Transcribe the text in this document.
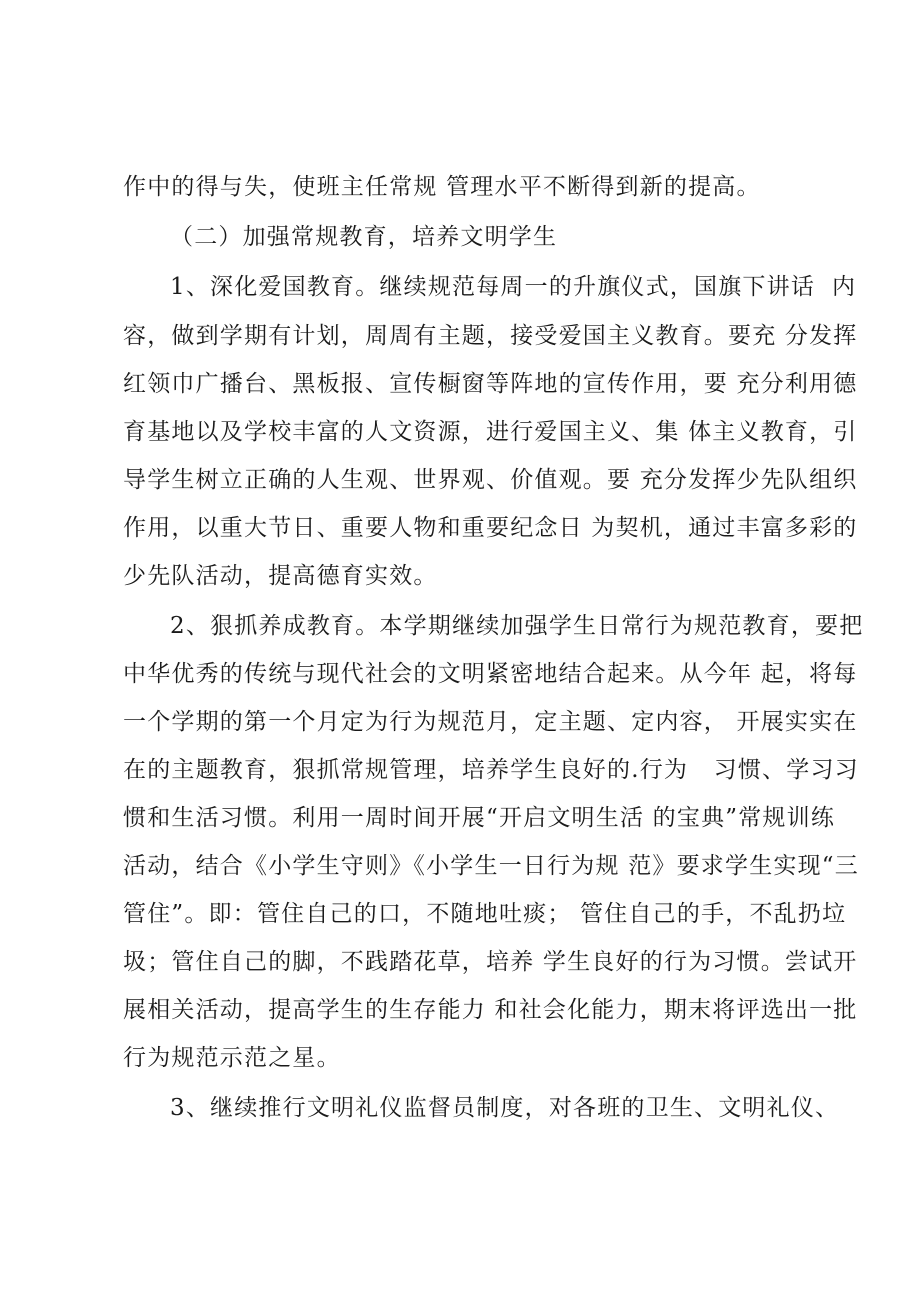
作中的得与失，使班主任常规 管理水平不断得到新的提高。
（二）加强常规教育，培养文明学生
1、深化爱国教育。继续规范每周一的升旗仪式，国旗下讲话  内
容，做到学期有计划，周周有主题，接受爱国主义教育。要充 分发挥
红领巾广播台、黑板报、宣传橱窗等阵地的宣传作用，要 充分利用德
育基地以及学校丰富的人文资源，进行爱国主义、集 体主义教育，引
导学生树立正确的人生观、世界观、价值观。要 充分发挥少先队组织
作用，以重大节日、重要人物和重要纪念日 为契机，通过丰富多彩的
少先队活动，提高德育实效。
2、狠抓养成教育。本学期继续加强学生日常行为规范教育，要把
中华优秀的传统与现代社会的文明紧密地结合起来。从今年 起，将每
一个学期的第一个月定为行为规范月，定主题、定内容， 开展实实在
在的主题教育，狠抓常规管理，培养学生良好的.行为   习惯、学习习
惯和生活习惯。利用一周时间开展“开启文明生活 的宝典”常规训练
活动，结合《小学生守则》《小学生一日行为规 范》要求学生实现“三
管住”。即：管住自己的口，不随地吐痰； 管住自己的手，不乱扔垃
圾；管住自己的脚，不践踏花草，培养 学生良好的行为习惯。尝试开
展相关活动，提高学生的生存能力 和社会化能力，期末将评选出一批
行为规范示范之星。
3、继续推行文明礼仪监督员制度，对各班的卫生、文明礼仪、
